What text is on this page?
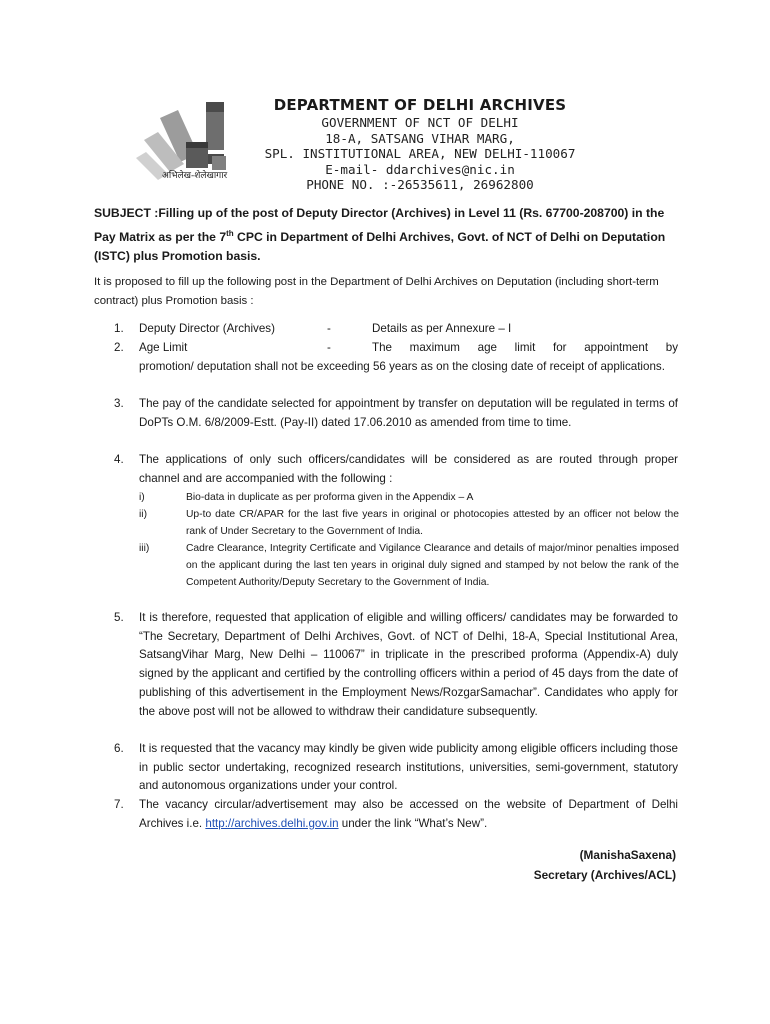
अभिलेख-शेलेखागार
DEPARTMENT OF DELHI ARCHIVES
GOVERNMENT OF NCT OF DELHI
18-A, SATSANG VIHAR MARG,
SPL. INSTITUTIONAL AREA, NEW DELHI-110067
E-mail- ddarchives@nic.in
PHONE NO. :-26535611, 26962800
SUBJECT :Filling up of the post of Deputy Director (Archives) in Level 11 (Rs. 67700-208700) in the Pay Matrix as per the 7th CPC in Department of Delhi Archives, Govt. of NCT of Delhi on Deputation (ISTC) plus Promotion basis.
It is proposed to fill up the following post in the Department of Delhi Archives on Deputation (including short-term contract) plus Promotion basis :
1. Deputy Director (Archives)	-	Details as per Annexure – I
2. Age Limit	-	The maximum age limit for appointment by
promotion/ deputation shall not be exceeding 56 years as on the closing date of receipt of applications.
3. The pay of the candidate selected for appointment by transfer on deputation will be regulated in terms of DoPTs O.M. 6/8/2009-Estt. (Pay-II) dated 17.06.2010 as amended from time to time.
4. The applications of only such officers/candidates will be considered as are routed through proper channel and are accompanied with the following :
i)	Bio-data in duplicate as per proforma given in the Appendix – A
ii)	Up-to date CR/APAR for the last five years in original or photocopies attested by an officer not below the rank of Under Secretary to the Government of India.
iii)	Cadre Clearance, Integrity Certificate and Vigilance Clearance and details of major/minor penalties imposed on the applicant during the last ten years in original duly signed and stamped by not below the rank of the Competent Authority/Deputy Secretary to the Government of India.
5. It is therefore, requested that application of eligible and willing officers/ candidates may be forwarded to “The Secretary, Department of Delhi Archives, Govt. of NCT of Delhi, 18-A, Special Institutional Area, SatsangVihar Marg, New Delhi – 110067” in triplicate in the prescribed proforma (Appendix-A) duly signed by the applicant and certified by the controlling officers within a period of 45 days from the date of publishing of this advertisement in the Employment News/RozgarSamachar”. Candidates who apply for the above post will not be allowed to withdraw their candidature subsequently.
6. It is requested that the vacancy may kindly be given wide publicity among eligible officers including those in public sector undertaking, recognized research institutions, universities, semi-government, statutory and autonomous organizations under your control.
7. The vacancy circular/advertisement may also be accessed on the website of Department of Delhi Archives i.e. http://archives.delhi.gov.in under the link “What’s New”.
(ManishaSaxena)
Secretary (Archives/ACL)
